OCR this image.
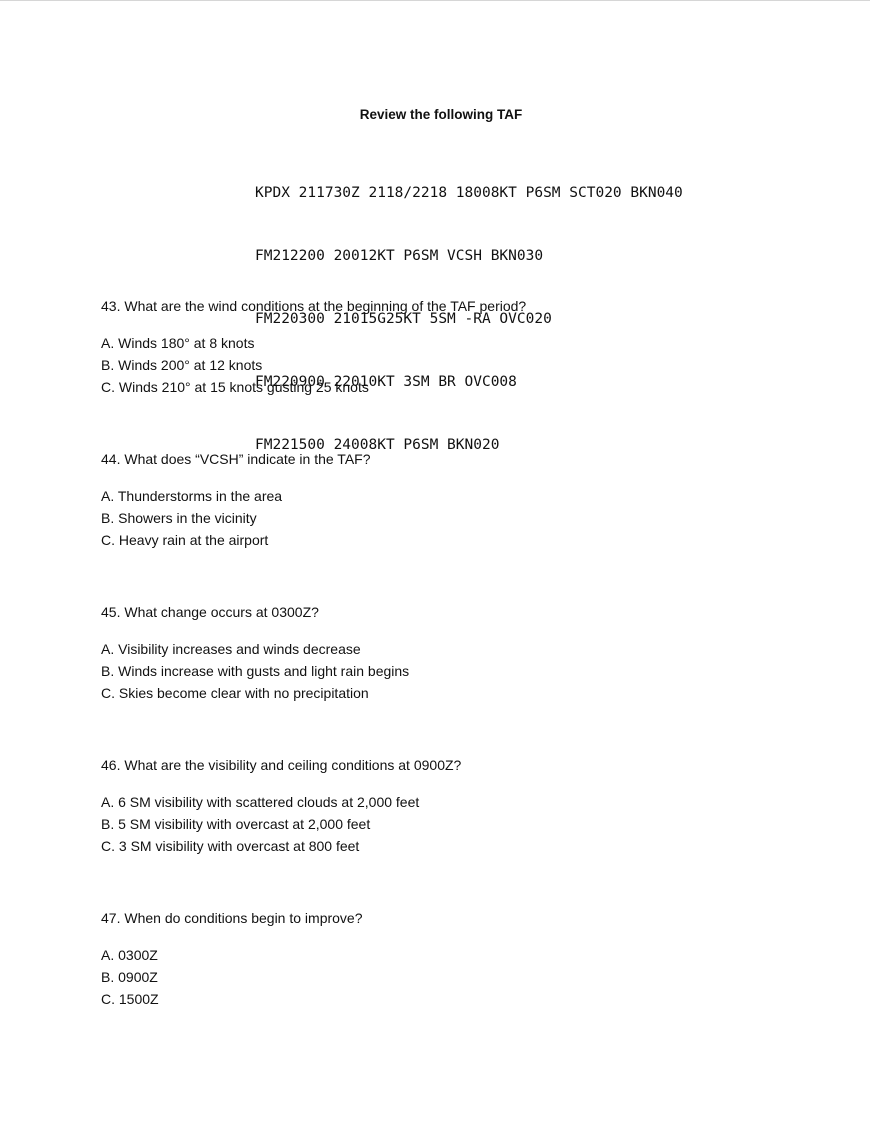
Review the following TAF

KPDX 211730Z 2118/2218 18008KT P6SM SCT020 BKN040

FM212200 20012KT P6SM VCSH BKN030

FM220300 21015G25KT 5SM -RA OVC020

FM220900 22010KT 3SM BR OVC008

FM221500 24008KT P6SM BKN020

43. What are the wind conditions at the beginning of the TAF period?
A. Winds 180° at 8 knots
B. Winds 200° at 12 knots
C. Winds 210° at 15 knots gusting 25 knots
44. What does “VCSH” indicate in the TAF?
A. Thunderstorms in the area
B. Showers in the vicinity
C. Heavy rain at the airport
45. What change occurs at 0300Z?
A. Visibility increases and winds decrease
B. Winds increase with gusts and light rain begins
C. Skies become clear with no precipitation
46. What are the visibility and ceiling conditions at 0900Z?
A. 6 SM visibility with scattered clouds at 2,000 feet
B. 5 SM visibility with overcast at 2,000 feet
C. 3 SM visibility with overcast at 800 feet
47. When do conditions begin to improve?
A. 0300Z
B. 0900Z
C. 1500Z
